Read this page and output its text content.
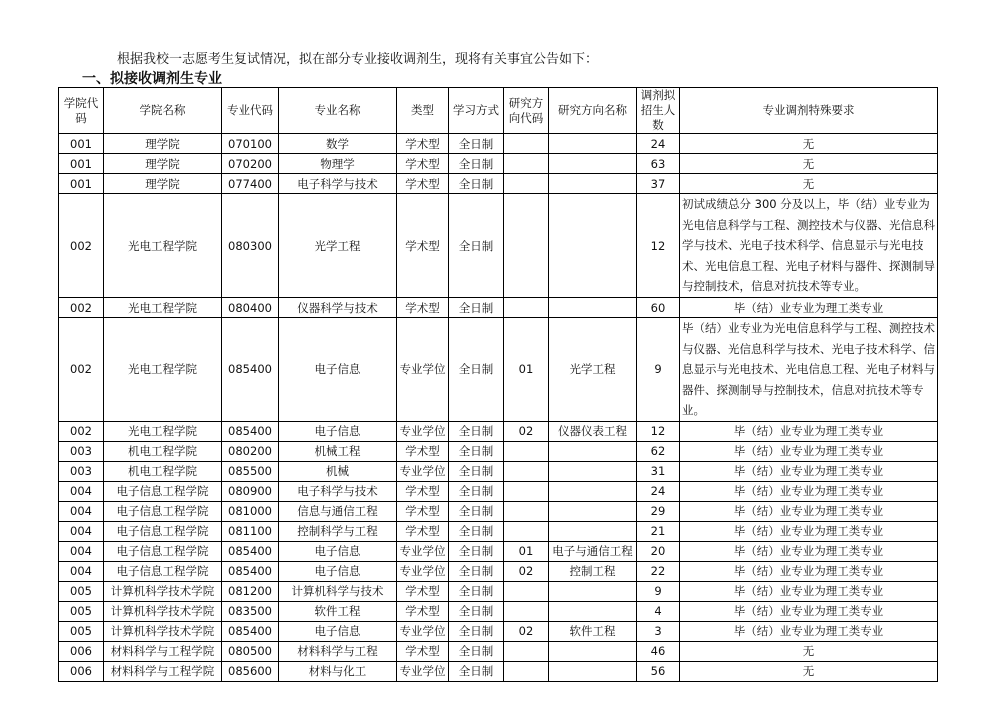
根据我校一志愿考生复试情况，拟在部分专业接收调剂生，现将有关事宜公告如下：
一、拟接收调剂生专业
学院代码	学院名称	专业代码	专业名称	类型	学习方式	研究方向代码	研究方向名称	调剂拟招生人数	专业调剂特殊要求
001	理学院	070100	数学	学术型	全日制			24	无
001	理学院	070200	物理学	学术型	全日制			63	无
001	理学院	077400	电子科学与技术	学术型	全日制			37	无
002	光电工程学院	080300	光学工程	学术型	全日制			12	初试成绩总分 300 分及以上，毕（结）业专业为光电信息科学与工程、测控技术与仪器、光信息科学与技术、光电子技术科学、信息显示与光电技术、光电信息工程、光电子材料与器件、探测制导与控制技术，信息对抗技术等专业。
002	光电工程学院	080400	仪器科学与技术	学术型	全日制			60	毕（结）业专业为理工类专业
002	光电工程学院	085400	电子信息	专业学位	全日制	01	光学工程	9	毕（结）业专业为光电信息科学与工程、测控技术与仪器、光信息科学与技术、光电子技术科学、信息显示与光电技术、光电信息工程、光电子材料与器件、探测制导与控制技术，信息对抗技术等专业。
002	光电工程学院	085400	电子信息	专业学位	全日制	02	仪器仪表工程	12	毕（结）业专业为理工类专业
003	机电工程学院	080200	机械工程	学术型	全日制			62	毕（结）业专业为理工类专业
003	机电工程学院	085500	机械	专业学位	全日制			31	毕（结）业专业为理工类专业
004	电子信息工程学院	080900	电子科学与技术	学术型	全日制			24	毕（结）业专业为理工类专业
004	电子信息工程学院	081000	信息与通信工程	学术型	全日制			29	毕（结）业专业为理工类专业
004	电子信息工程学院	081100	控制科学与工程	学术型	全日制			21	毕（结）业专业为理工类专业
004	电子信息工程学院	085400	电子信息	专业学位	全日制	01	电子与通信工程	20	毕（结）业专业为理工类专业
004	电子信息工程学院	085400	电子信息	专业学位	全日制	02	控制工程	22	毕（结）业专业为理工类专业
005	计算机科学技术学院	081200	计算机科学与技术	学术型	全日制			9	毕（结）业专业为理工类专业
005	计算机科学技术学院	083500	软件工程	学术型	全日制			4	毕（结）业专业为理工类专业
005	计算机科学技术学院	085400	电子信息	专业学位	全日制	02	软件工程	3	毕（结）业专业为理工类专业
006	材料科学与工程学院	080500	材料科学与工程	学术型	全日制			46	无
006	材料科学与工程学院	085600	材料与化工	专业学位	全日制			56	无
